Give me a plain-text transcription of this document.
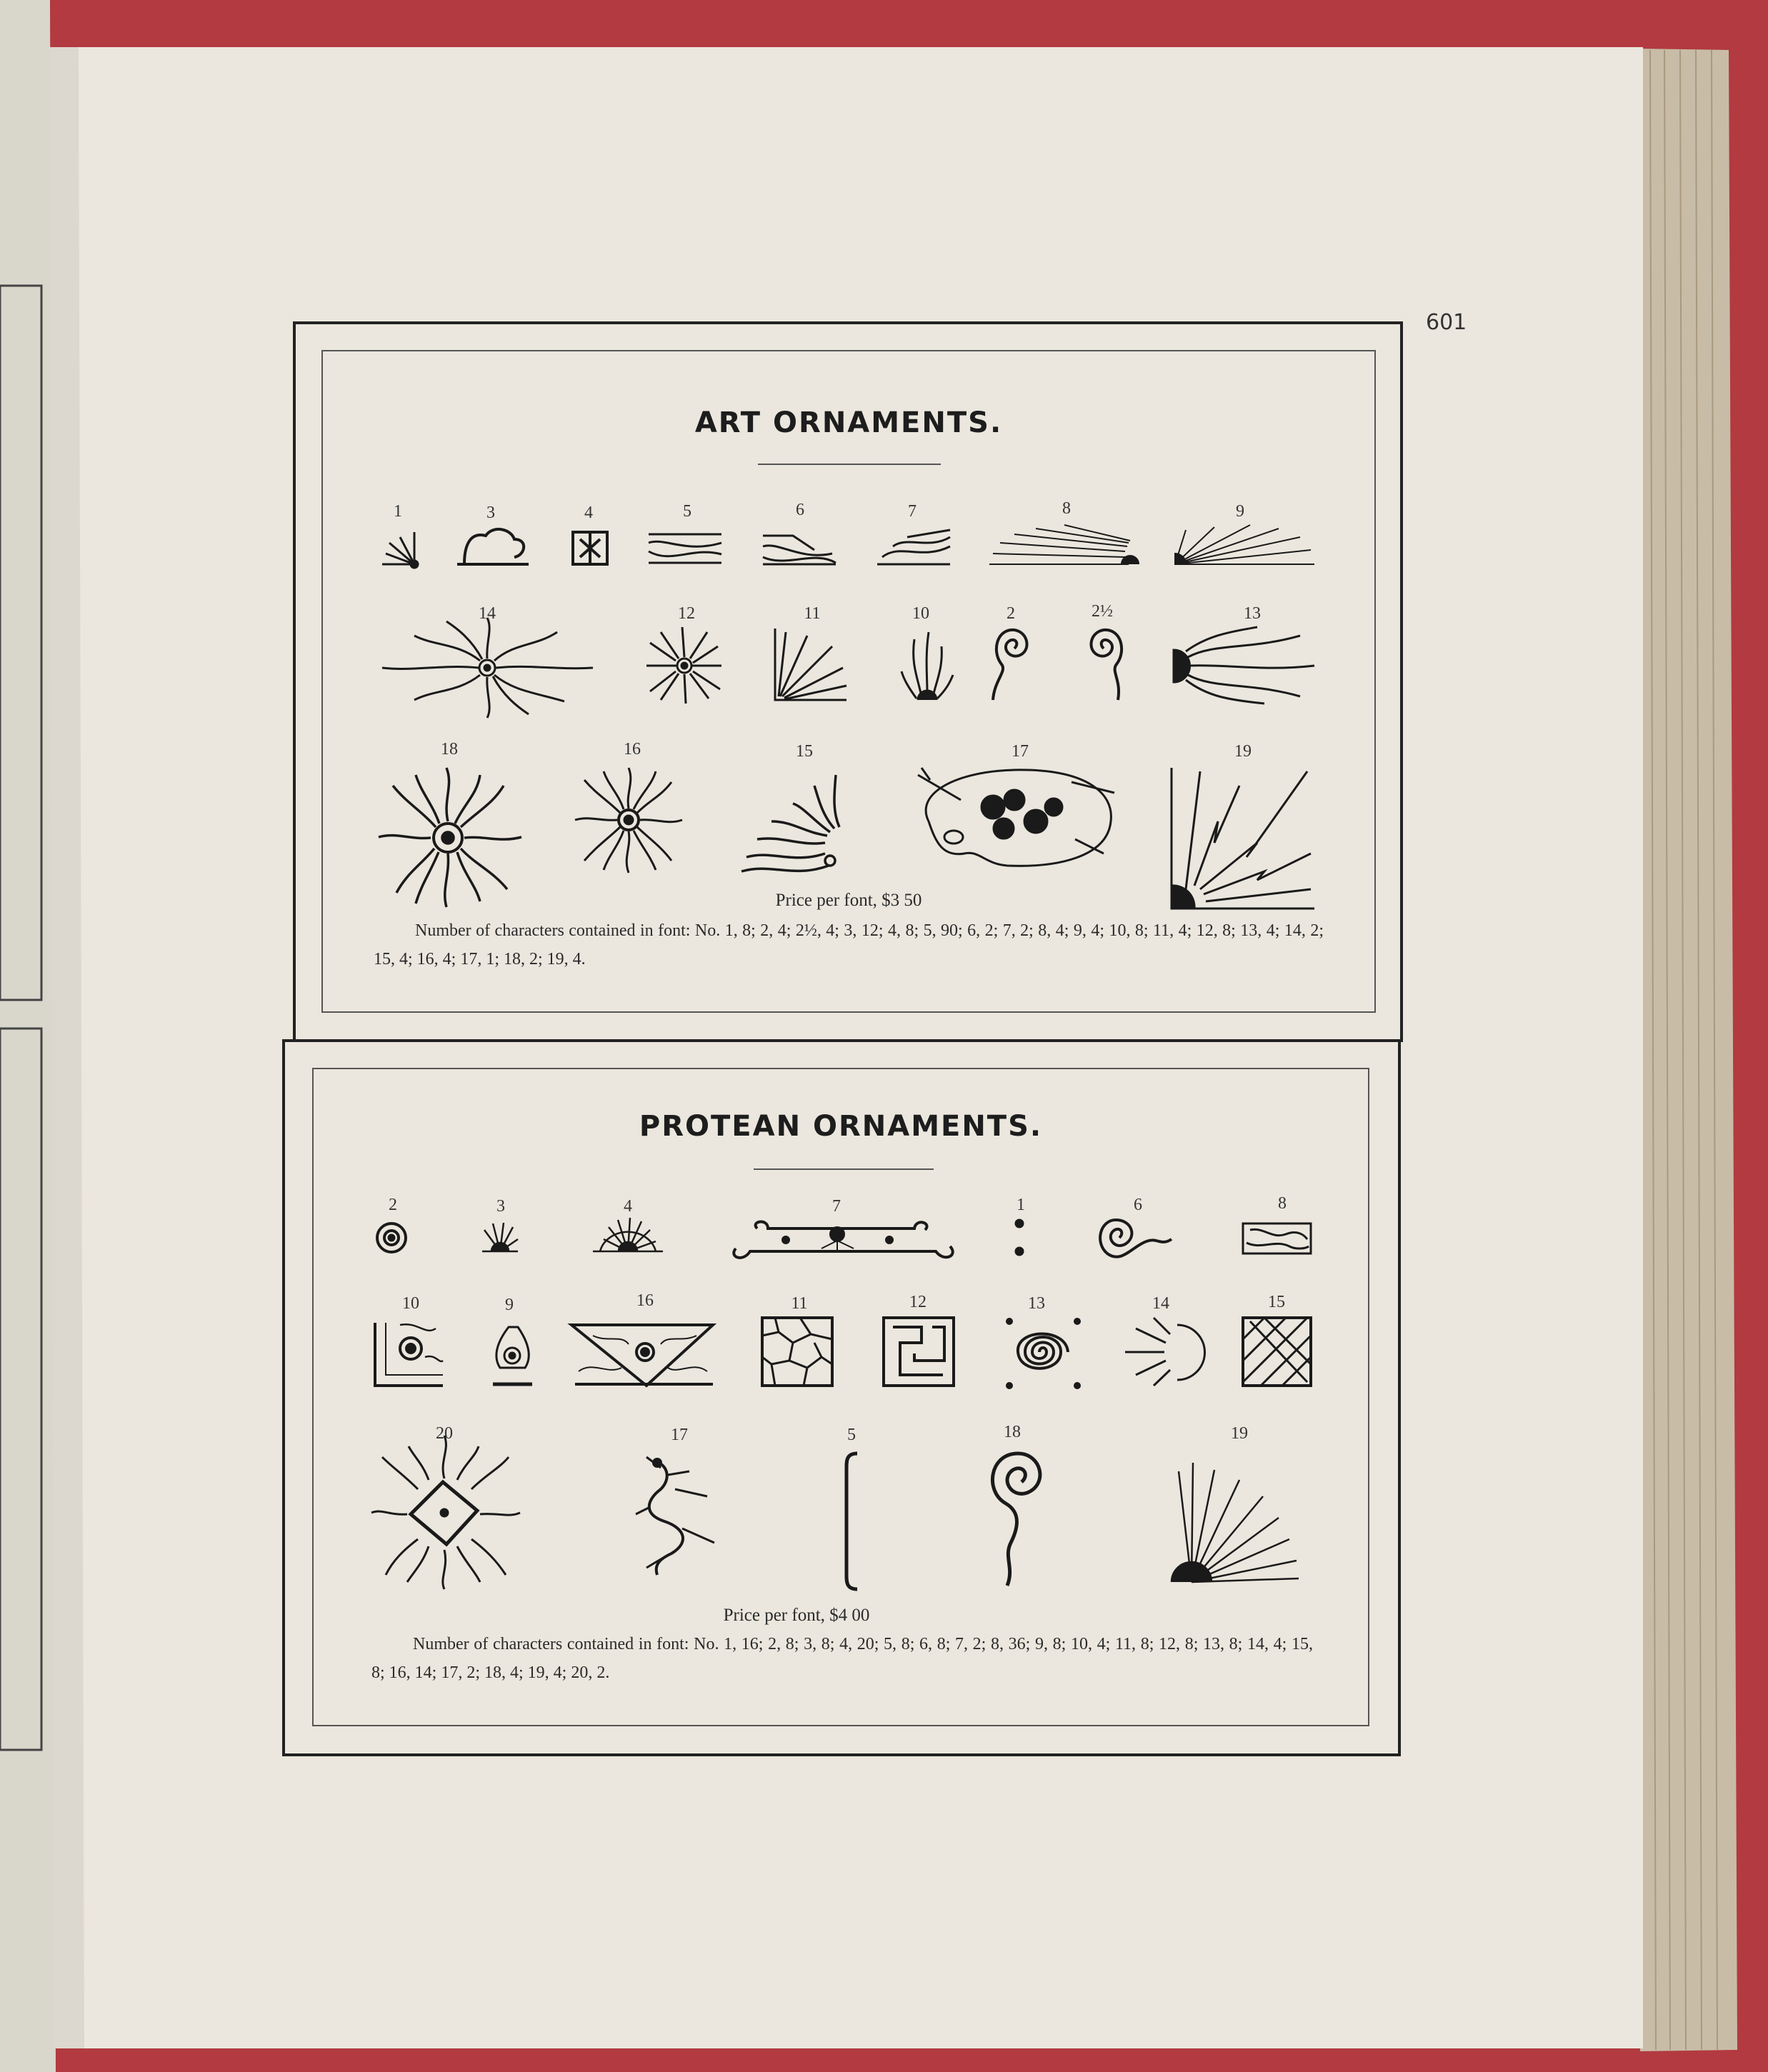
601
ART ORNAMENTS.
1	3	4	5	6	7	8	9
14	12	11	10	2	2½	13
18	16	15	17	19
Price per font, $3 50
Number of characters contained in font: No. 1, 8; 2, 4; 2½, 4; 3, 12; 4, 8; 5, 90; 6, 2; 7, 2; 8, 4; 9, 4; 10, 8; 11, 4; 12, 8; 13, 4; 14, 2; 15, 4; 16, 4; 17, 1; 18, 2; 19, 4.
PROTEAN ORNAMENTS.
2	3	4	7	1	6	8
10	9	16	11	12	13	14	15
20	17	5	18	19
Price per font, $4 00
Number of characters contained in font: No. 1, 16; 2, 8; 3, 8; 4, 20; 5, 8; 6, 8; 7, 2; 8, 36; 9, 8; 10, 4; 11, 8; 12, 8; 13, 8; 14, 4; 15, 8; 16, 14; 17, 2; 18, 4; 19, 4; 20, 2.
